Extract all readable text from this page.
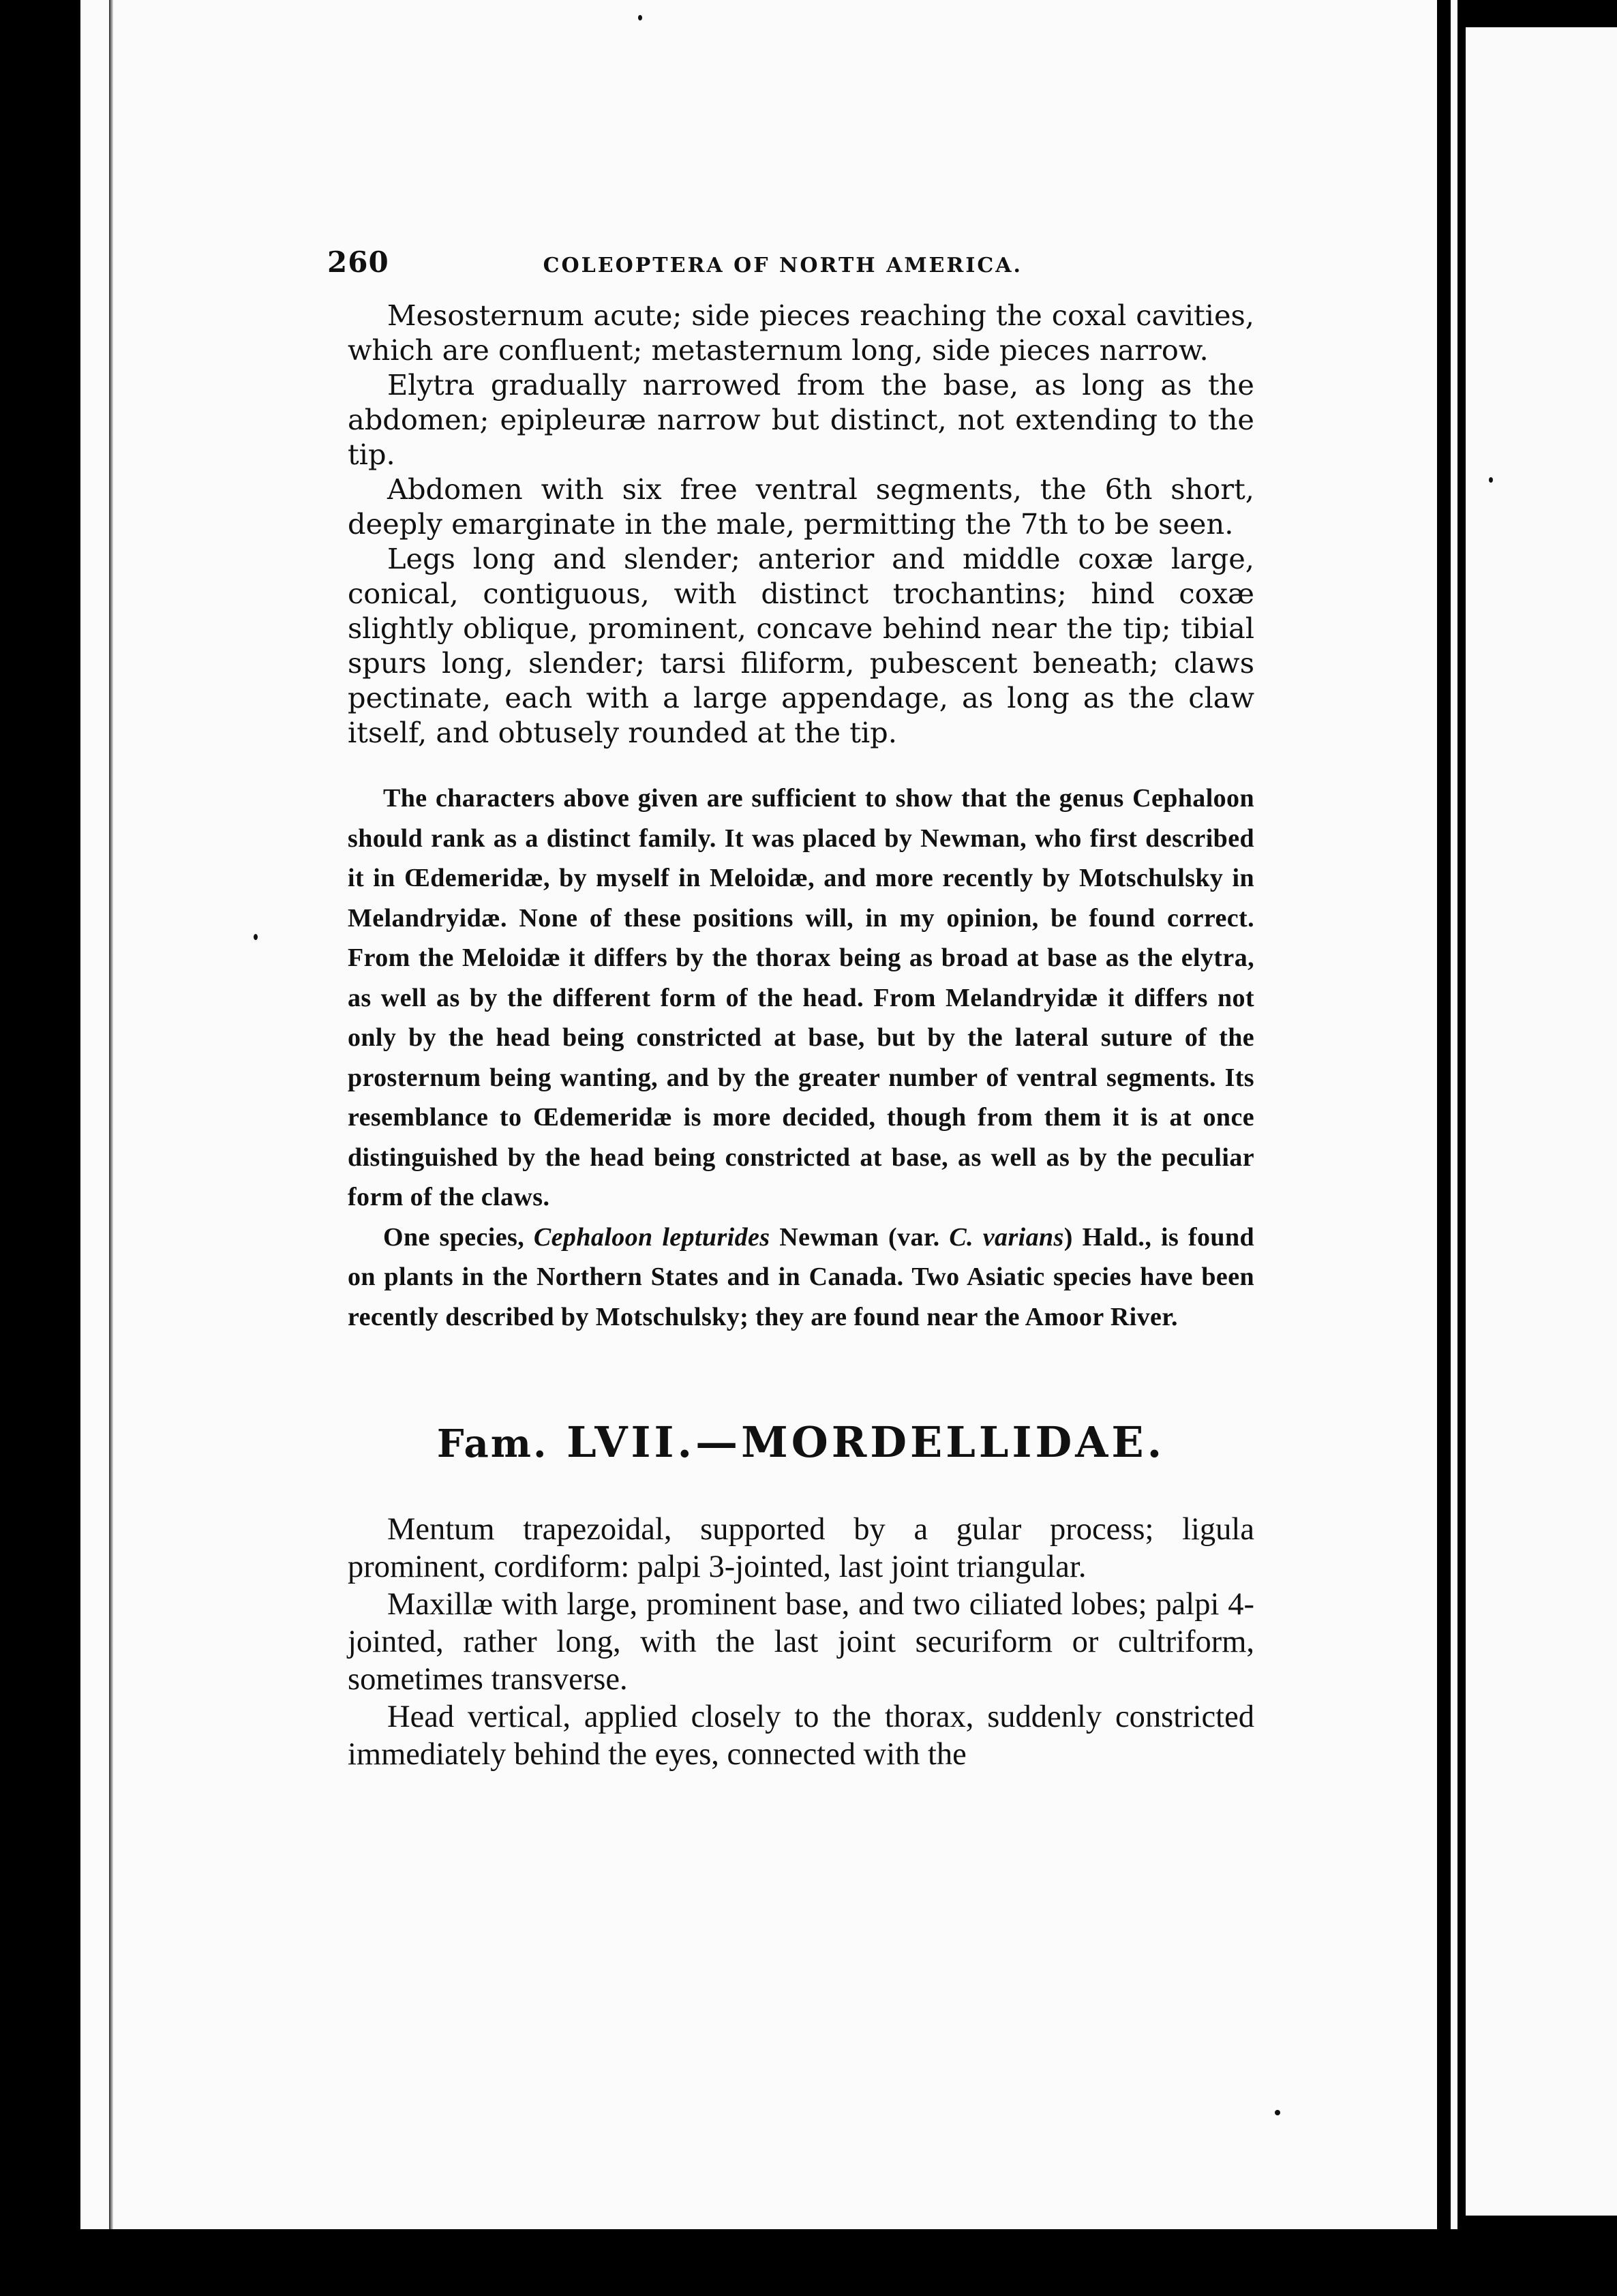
260	COLEOPTERA OF NORTH AMERICA.

Mesosternum acute; side pieces reaching the coxal cavities, which are confluent; metasternum long, side pieces narrow.

Elytra gradually narrowed from the base, as long as the abdomen; epipleuræ narrow but distinct, not extending to the tip.

Abdomen with six free ventral segments, the 6th short, deeply emarginate in the male, permitting the 7th to be seen.

Legs long and slender; anterior and middle coxæ large, conical, contiguous, with distinct trochantins; hind coxæ slightly oblique, prominent, concave behind near the tip; tibial spurs long, slender; tarsi filiform, pubescent beneath; claws pectinate, each with a large appendage, as long as the claw itself, and obtusely rounded at the tip.

The characters above given are sufficient to show that the genus Cephaloon should rank as a distinct family. It was placed by Newman, who first described it in Œdemeridæ, by myself in Meloidæ, and more recently by Motschulsky in Melandryidæ. None of these positions will, in my opinion, be found correct. From the Meloidæ it differs by the thorax being as broad at base as the elytra, as well as by the different form of the head. From Melandryidæ it differs not only by the head being constricted at base, but by the lateral suture of the prosternum being wanting, and by the greater number of ventral segments. Its resemblance to Œdemeridæ is more decided, though from them it is at once distinguished by the head being constricted at base, as well as by the peculiar form of the claws.

One species, Cephaloon lepturides Newman (var. C. varians) Hald., is found on plants in the Northern States and in Canada. Two Asiatic species have been recently described by Motschulsky; they are found near the Amoor River.

Fam. LVII.—MORDELLIDAE.

Mentum trapezoidal, supported by a gular process; ligula prominent, cordiform: palpi 3-jointed, last joint triangular.

Maxillæ with large, prominent base, and two ciliated lobes; palpi 4-jointed, rather long, with the last joint securiform or cultriform, sometimes transverse.

Head vertical, applied closely to the thorax, suddenly constricted immediately behind the eyes, connected with the
